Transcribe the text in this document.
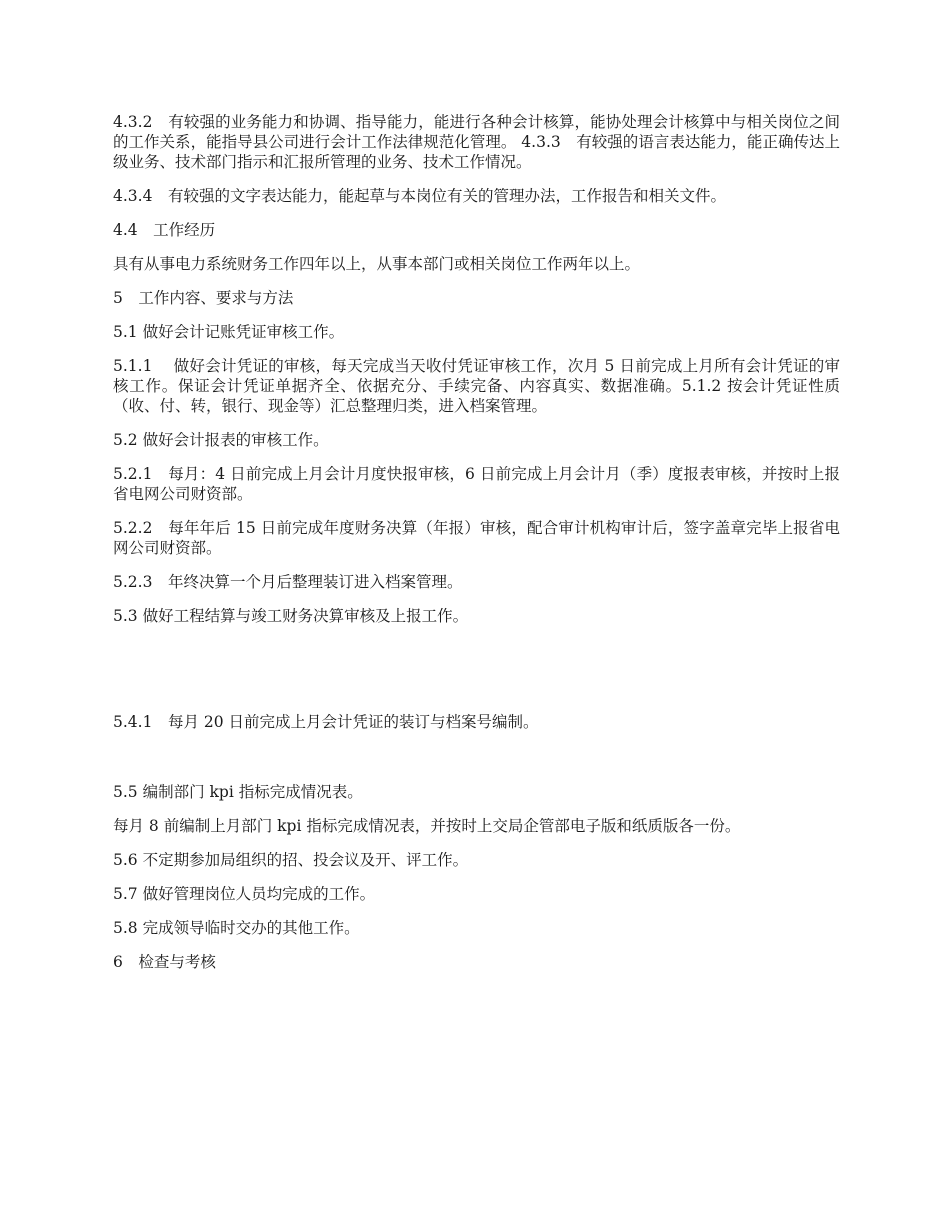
4.3.2　有较强的业务能力和协调、指导能力，能进行各种会计核算，能协处理会计核算中与相关岗位之间的工作关系，能指导县公司进行会计工作法律规范化管理。 4.3.3　有较强的语言表达能力，能正确传达上级业务、技术部门指示和汇报所管理的业务、技术工作情况。

4.3.4　有较强的文字表达能力，能起草与本岗位有关的管理办法，工作报告和相关文件。

4.4　工作经历

具有从事电力系统财务工作四年以上，从事本部门或相关岗位工作两年以上。

5　工作内容、要求与方法

5.1 做好会计记账凭证审核工作。

5.1.1　 做好会计凭证的审核，每天完成当天收付凭证审核工作，次月 5 日前完成上月所有会计凭证的审核工作。保证会计凭证单据齐全、依据充分、手续完备、内容真实、数据准确。5.1.2 按会计凭证性质（收、付、转，银行、现金等）汇总整理归类，进入档案管理。

5.2 做好会计报表的审核工作。

5.2.1　每月：4 日前完成上月会计月度快报审核，6 日前完成上月会计月（季）度报表审核，并按时上报省电网公司财资部。

5.2.2　每年年后 15 日前完成年度财务决算（年报）审核，配合审计机构审计后，签字盖章完毕上报省电网公司财资部。

5.2.3　年终决算一个月后整理装订进入档案管理。

5.3 做好工程结算与竣工财务决算审核及上报工作。

5.4.1　每月 20 日前完成上月会计凭证的装订与档案号编制。

5.5 编制部门 kpi 指标完成情况表。

每月 8 前编制上月部门 kpi 指标完成情况表，并按时上交局企管部电子版和纸质版各一份。

5.6 不定期参加局组织的招、投会议及开、评工作。

5.7 做好管理岗位人员均完成的工作。

5.8 完成领导临时交办的其他工作。

6　检查与考核
